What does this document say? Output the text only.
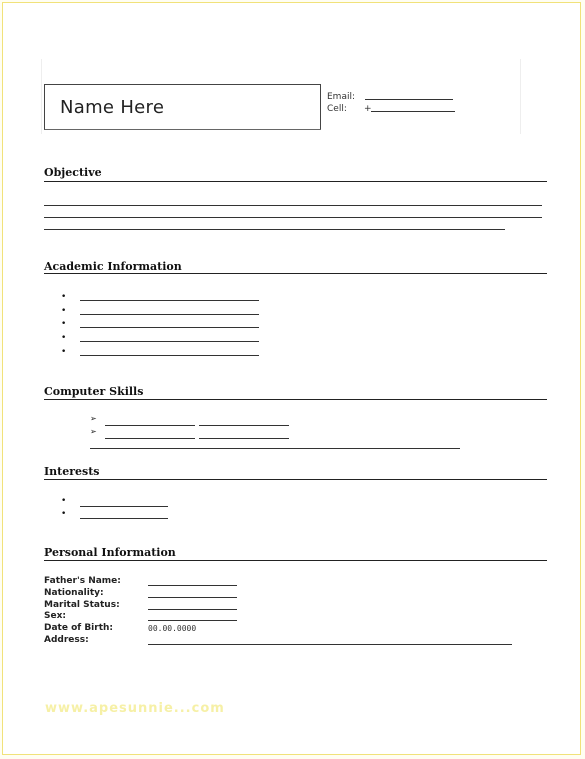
Name Here	Email:
Cell: +
Objective
Academic Information
•
•
•
•
•
Computer Skills
➢
➢
Interests
•
•
Personal Information
Father's Name:
Nationality:
Marital Status:
Sex:
Date of Birth:	00.00.0000
Address:
www.apesunnie...com
